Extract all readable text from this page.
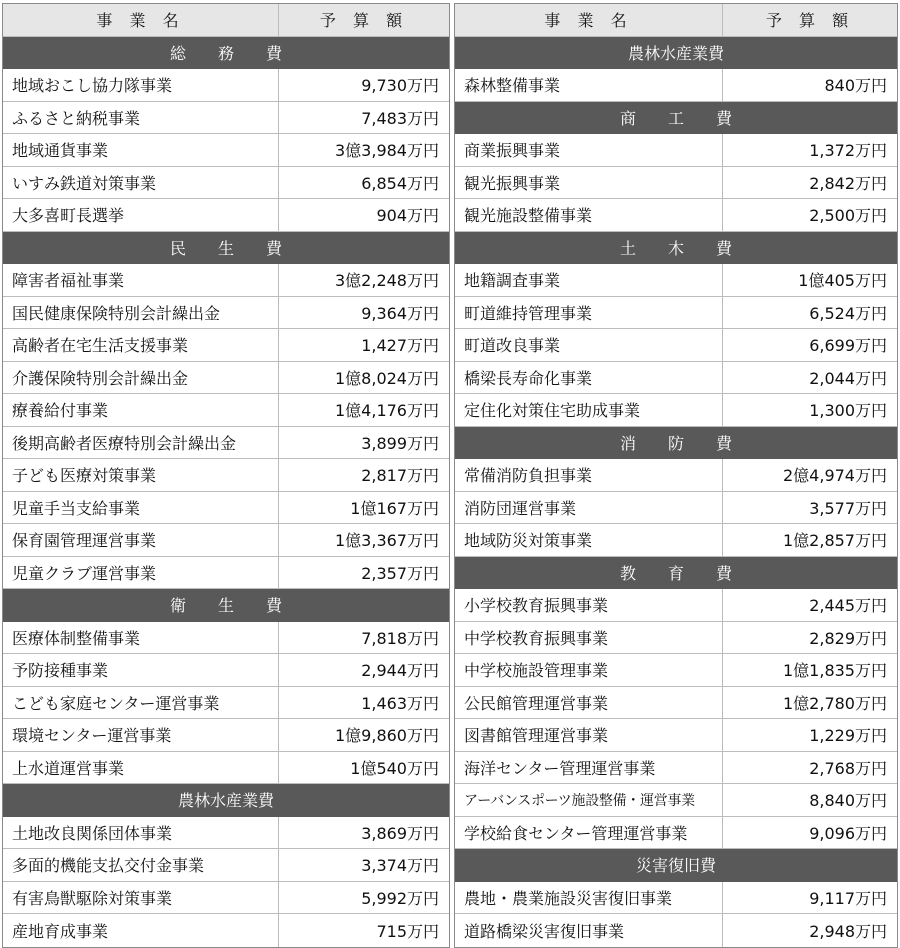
事 業 名	予 算 額
総　　務　　費
地域おこし協力隊事業	9,730万円
ふるさと納税事業	7,483万円
地域通貨事業	3億3,984万円
いすみ鉄道対策事業	6,854万円
大多喜町長選挙	904万円
民　　生　　費
障害者福祉事業	3億2,248万円
国民健康保険特別会計繰出金	9,364万円
高齢者在宅生活支援事業	1,427万円
介護保険特別会計繰出金	1億8,024万円
療養給付事業	1億4,176万円
後期高齢者医療特別会計繰出金	3,899万円
子ども医療対策事業	2,817万円
児童手当支給事業	1億167万円
保育園管理運営事業	1億3,367万円
児童クラブ運営事業	2,357万円
衛　　生　　費
医療体制整備事業	7,818万円
予防接種事業	2,944万円
こども家庭センター運営事業	1,463万円
環境センター運営事業	1億9,860万円
上水道運営事業	1億540万円
農林水産業費
土地改良関係団体事業	3,869万円
多面的機能支払交付金事業	3,374万円
有害鳥獣駆除対策事業	5,992万円
産地育成事業	715万円
事 業 名	予 算 額
農林水産業費
森林整備事業	840万円
商　　工　　費
商業振興事業	1,372万円
観光振興事業	2,842万円
観光施設整備事業	2,500万円
土　　木　　費
地籍調査事業	1億405万円
町道維持管理事業	6,524万円
町道改良事業	6,699万円
橋梁長寿命化事業	2,044万円
定住化対策住宅助成事業	1,300万円
消　　防　　費
常備消防負担事業	2億4,974万円
消防団運営事業	3,577万円
地域防災対策事業	1億2,857万円
教　　育　　費
小学校教育振興事業	2,445万円
中学校教育振興事業	2,829万円
中学校施設管理事業	1億1,835万円
公民館管理運営事業	1億2,780万円
図書館管理運営事業	1,229万円
海洋センター管理運営事業	2,768万円
アーバンスポーツ施設整備・運営事業	8,840万円
学校給食センター管理運営事業	9,096万円
災害復旧費
農地・農業施設災害復旧事業	9,117万円
道路橋梁災害復旧事業	2,948万円
